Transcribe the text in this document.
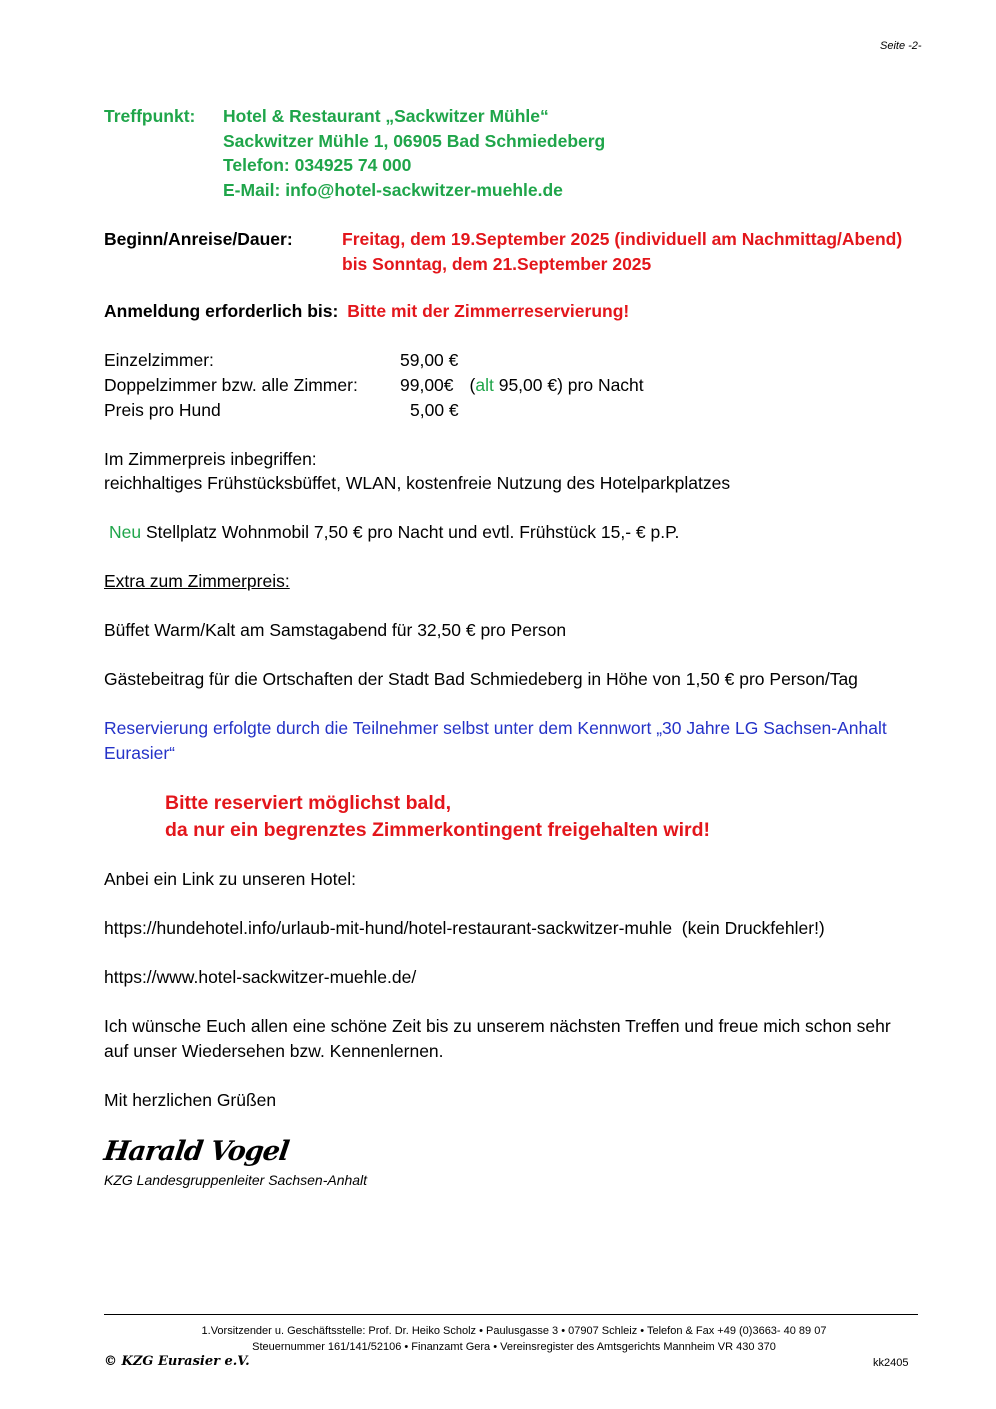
Seite -2-
Treffpunkt: Hotel & Restaurant „Sackwitzer Mühle“
Sackwitzer Mühle 1, 06905 Bad Schmiedeberg
Telefon: 034925 74 000
E-Mail: info@hotel-sackwitzer-muehle.de
Beginn/Anreise/Dauer:	Freitag, dem 19.September 2025 (individuell am Nachmittag/Abend)
bis Sonntag, dem 21.September 2025
Anmeldung erforderlich bis: Bitte mit der Zimmerreservierung!
Einzelzimmer:	59,00 €
Doppelzimmer bzw. alle Zimmer: 99,00€ (alt 95,00 €) pro Nacht
Preis pro Hund	5,00 €
Im Zimmerpreis inbegriffen:
reichhaltiges Frühstücksbüffet, WLAN, kostenfreie Nutzung des Hotelparkplatzes
Neu Stellplatz Wohnmobil 7,50 € pro Nacht und evtl. Frühstück 15,- € p.P.
Extra zum Zimmerpreis:
Büffet Warm/Kalt am Samstagabend für 32,50 € pro Person
Gästebeitrag für die Ortschaften der Stadt Bad Schmiedeberg in Höhe von 1,50 € pro Person/Tag
Reservierung erfolgte durch die Teilnehmer selbst unter dem Kennwort „30 Jahre LG Sachsen-Anhalt
Eurasier“
Bitte reserviert möglichst bald,
da nur ein begrenztes Zimmerkontingent freigehalten wird!
Anbei ein Link zu unseren Hotel:
https://hundehotel.info/urlaub-mit-hund/hotel-restaurant-sackwitzer-muhle  (kein Druckfehler!)
https://www.hotel-sackwitzer-muehle.de/
Ich wünsche Euch allen eine schöne Zeit bis zu unserem nächsten Treffen und freue mich schon sehr
auf unser Wiedersehen bzw. Kennenlernen.
Mit herzlichen Grüßen
Harald Vogel
KZG Landesgruppenleiter Sachsen-Anhalt
1.Vorsitzender u. Geschäftsstelle: Prof. Dr. Heiko Scholz • Paulusgasse 3 • 07907 Schleiz • Telefon & Fax +49 (0)3663- 40 89 07
Steuernummer 161/141/52106 • Finanzamt Gera • Vereinsregister des Amtsgerichts Mannheim VR 430 370
© KZG Eurasier e.V.	kk2405
